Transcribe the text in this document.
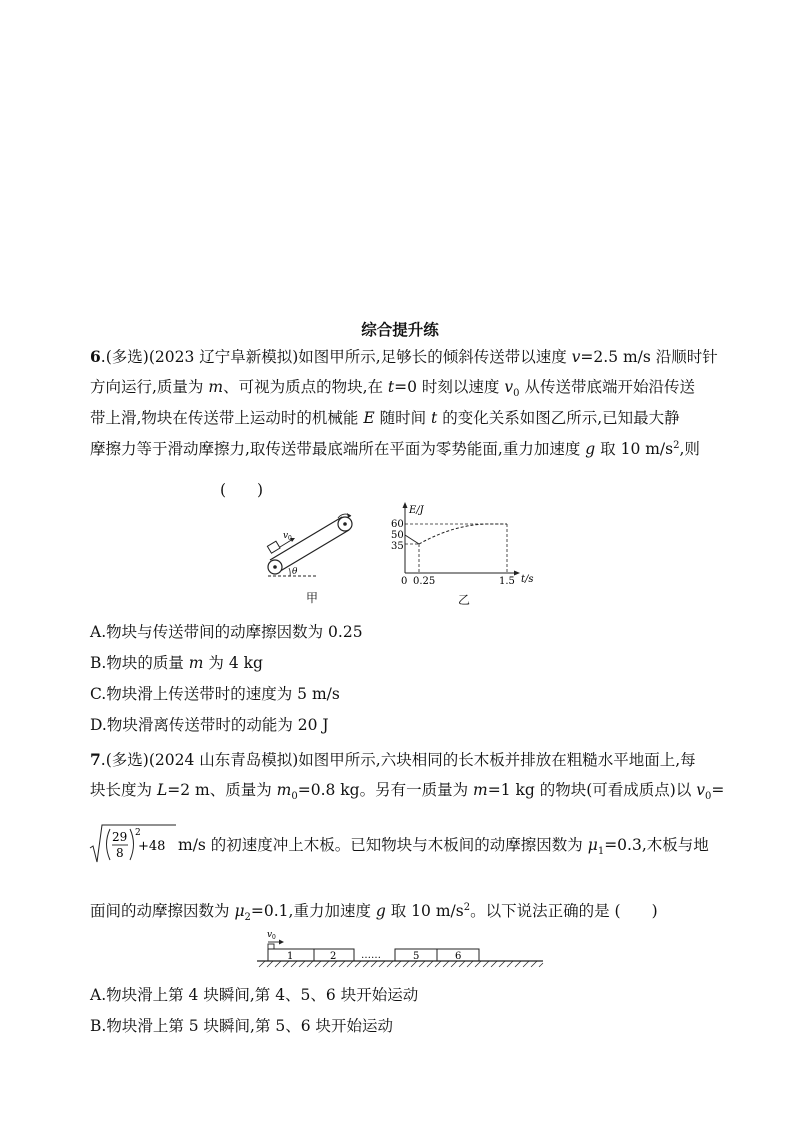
综合提升练
6.(多选)(2023 辽宁阜新模拟)如图甲所示,足够长的倾斜传送带以速度 v=2.5 m/s 沿顺时针
方向运行,质量为 m、可视为质点的物块,在 t=0 时刻以速度 $v_0$ 从传送带底端开始沿传送
带上滑,物块在传送带上运动时的机械能 E 随时间 t 的变化关系如图乙所示,已知最大静
摩擦力等于滑动摩擦力,取传送带最底端所在平面为零势能面,重力加速度 g 取 10 $m/s^2$,则
(　　)
v 0
θ
甲
E/J
t/s
60
50
35
0 0.25	1.5
乙
A.物块与传送带间的动摩擦因数为 0.25
B.物块的质量 m 为 4 kg
C.物块滑上传送带时的速度为 5 m/s
D.物块滑离传送带时的动能为 20 J
7.(多选)(2024 山东青岛模拟)如图甲所示,六块相同的长木板并排放在粗糙水平地面上,每
块长度为 L=2 m、质量为 $m_0=0.8$ kg。另有一质量为 m=1 kg 的物块(可看成质点)以 $v_0=$
29
8
2
+48 m/s 的初速度冲上木板。已知物块与木板间的动摩擦因数为 $\mu_1=0.3$,木板与地
面间的动摩擦因数为 $\mu_2=0.1$,重力加速度 g 取 10 $m/s^2$。以下说法正确的是 (　　)
v 0
1	2	5	6
……
A.物块滑上第 4 块瞬间,第 4、5、6 块开始运动
B.物块滑上第 5 块瞬间,第 5、6 块开始运动
